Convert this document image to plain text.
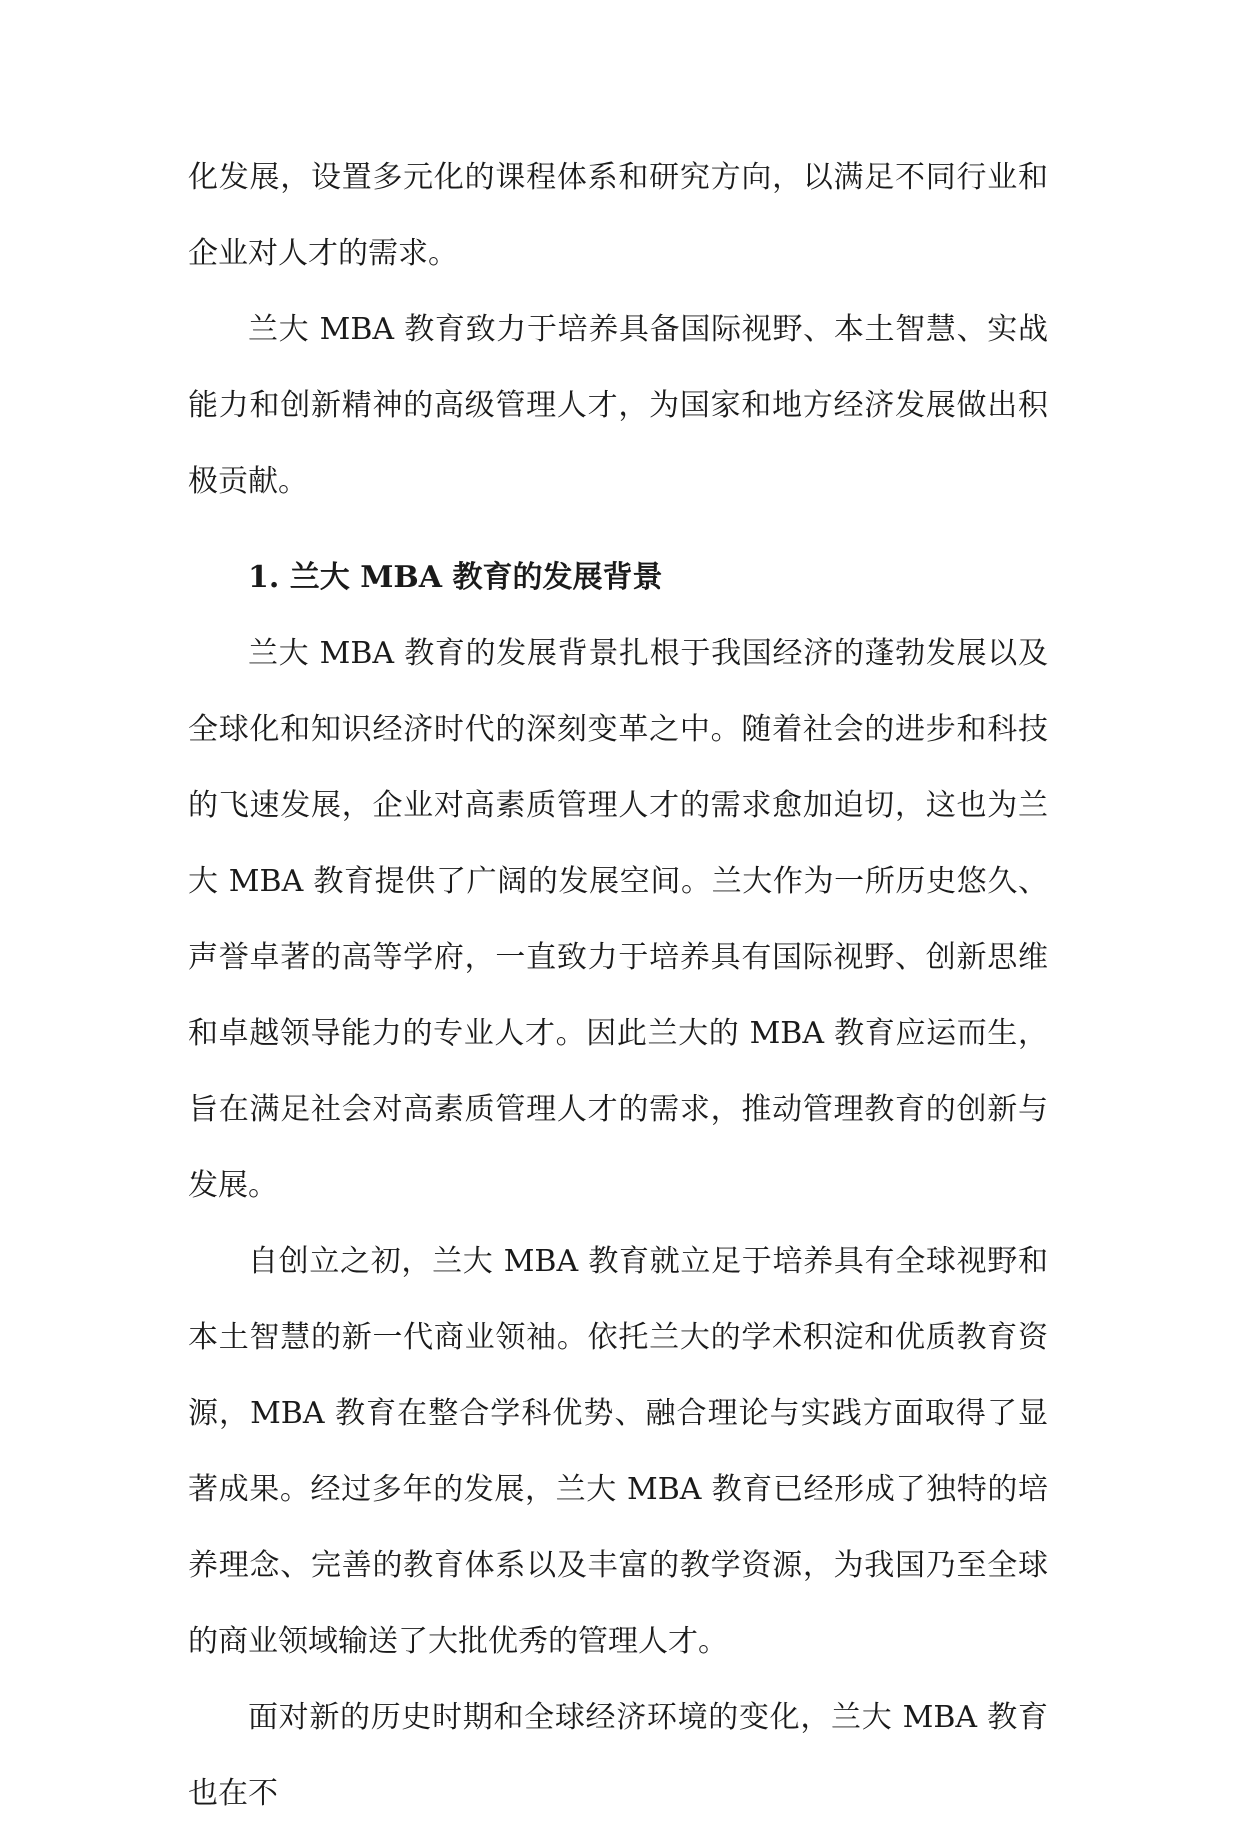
化发展，设置多元化的课程体系和研究方向，以满足不同行业和企业对人才的需求。

兰大 MBA 教育致力于培养具备国际视野、本土智慧、实战能力和创新精神的高级管理人才，为国家和地方经济发展做出积极贡献。

1. 兰大 MBA 教育的发展背景

兰大 MBA 教育的发展背景扎根于我国经济的蓬勃发展以及全球化和知识经济时代的深刻变革之中。随着社会的进步和科技的飞速发展，企业对高素质管理人才的需求愈加迫切，这也为兰大 MBA 教育提供了广阔的发展空间。兰大作为一所历史悠久、声誉卓著的高等学府，一直致力于培养具有国际视野、创新思维和卓越领导能力的专业人才。因此兰大的 MBA 教育应运而生，旨在满足社会对高素质管理人才的需求，推动管理教育的创新与发展。

自创立之初，兰大 MBA 教育就立足于培养具有全球视野和本土智慧的新一代商业领袖。依托兰大的学术积淀和优质教育资源，MBA 教育在整合学科优势、融合理论与实践方面取得了显著成果。经过多年的发展，兰大 MBA 教育已经形成了独特的培养理念、完善的教育体系以及丰富的教学资源，为我国乃至全球的商业领域输送了大批优秀的管理人才。

面对新的历史时期和全球经济环境的变化，兰大 MBA 教育也在不
